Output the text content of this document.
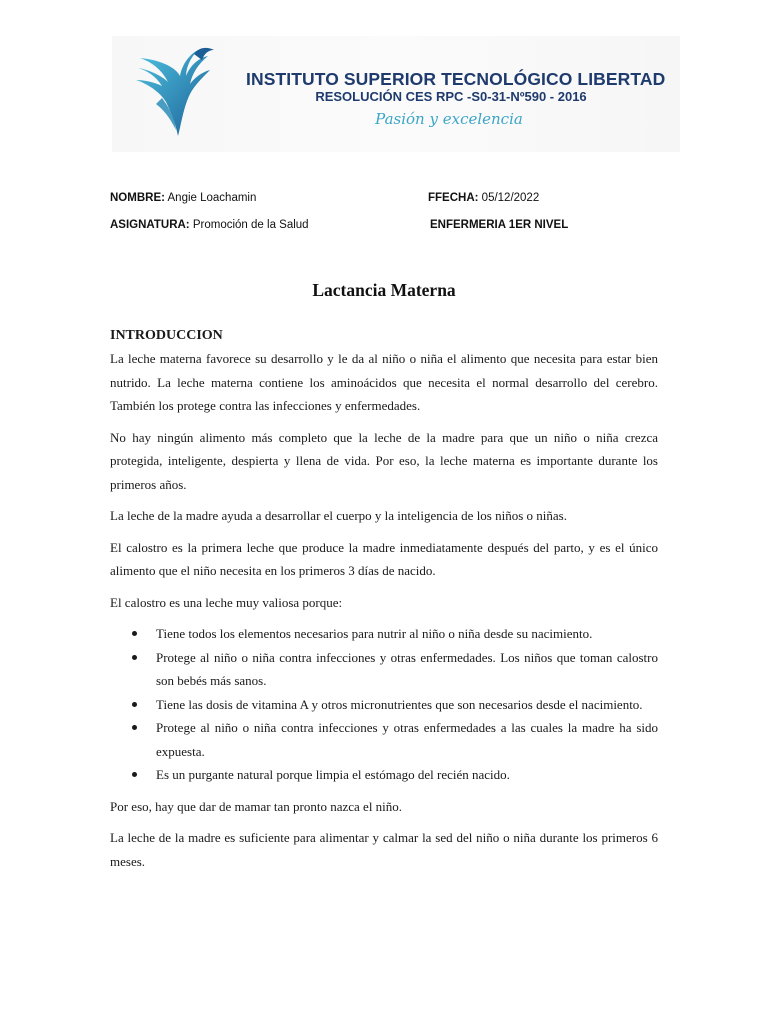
INSTITUTO SUPERIOR TECNOLÓGICO LIBERTAD
RESOLUCIÓN CES RPC -S0-31-Nº590 - 2016
Pasión y excelencia
NOMBRE: Angie Loachamin	FFECHA: 05/12/2022
ASIGNATURA: Promoción de la Salud	ENFERMERIA 1ER NIVEL
Lactancia Materna
INTRODUCCION

La leche materna favorece su desarrollo y le da al niño o niña el alimento que necesita para estar bien nutrido. La leche materna contiene los aminoácidos que necesita el normal desarrollo del cerebro. También los protege contra las infecciones y enfermedades.

No hay ningún alimento más completo que la leche de la madre para que un niño o niña crezca protegida, inteligente, despierta y llena de vida. Por eso, la leche materna es importante durante los primeros años.

La leche de la madre ayuda a desarrollar el cuerpo y la inteligencia de los niños o niñas.

El calostro es la primera leche que produce la madre inmediatamente después del parto, y es el único alimento que el niño necesita en los primeros 3 días de nacido.

El calostro es una leche muy valiosa porque:

Tiene todos los elementos necesarios para nutrir al niño o niña desde su nacimiento.
Protege al niño o niña contra infecciones y otras enfermedades. Los niños que toman calostro son bebés más sanos.
Tiene las dosis de vitamina A y otros micronutrientes que son necesarios desde el nacimiento.
Protege al niño o niña contra infecciones y otras enfermedades a las cuales la madre ha sido expuesta.
Es un purgante natural porque limpia el estómago del recién nacido.

Por eso, hay que dar de mamar tan pronto nazca el niño.

La leche de la madre es suficiente para alimentar y calmar la sed del niño o niña durante los primeros 6 meses.
